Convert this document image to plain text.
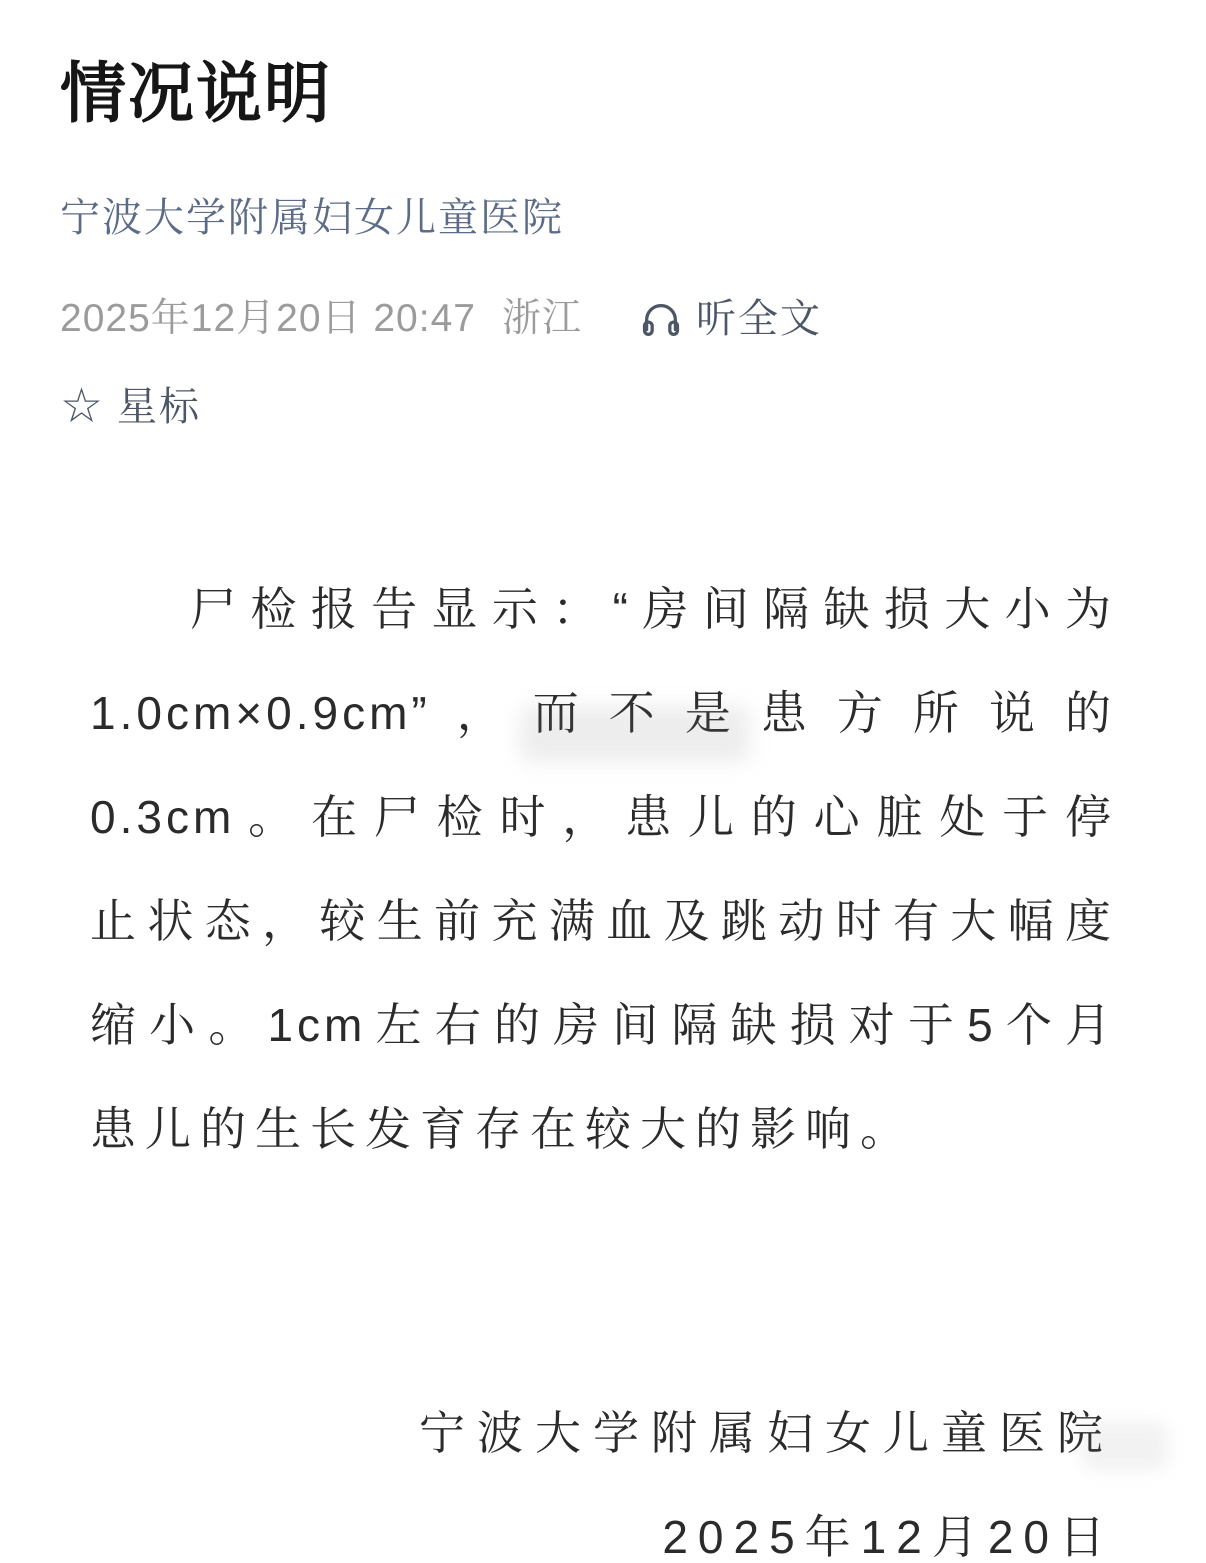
情况说明
宁波大学附属妇女儿童医院
2025年12月20日 20:47 浙江	听全文
☆ 星标
尸检报告显示：“房间隔缺损大小为
1.0cm×0.9cm”，而不是患方所说的
0.3cm。在尸检时，患儿的心脏处于停
止状态，较生前充满血及跳动时有大幅度
缩小。1cm左右的房间隔缺损对于5个月
患儿的生长发育存在较大的影响。
宁波大学附属妇女儿童医院
2025年12月20日
